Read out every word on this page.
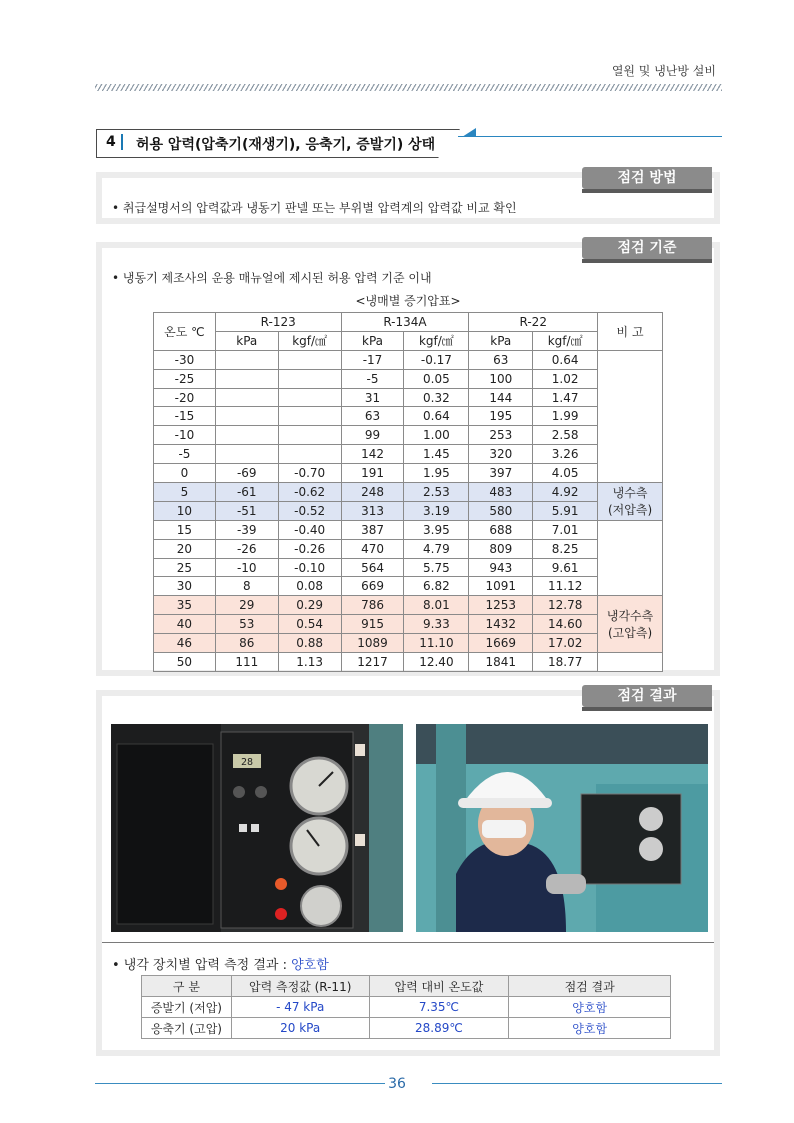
열원 및 냉난방 설비
4 허용 압력(압축기(재생기), 응축기, 증발기) 상태
점검 방법
• 취급설명서의 압력값과 냉동기 판넬 또는 부위별 압력계의 압력값 비교 확인
점검 기준
• 냉동기 제조사의 운용 매뉴얼에 제시된 허용 압력 기준 이내
<냉매별 증기압표>
온도 ℃	R-123		R-134A		R-22		비 고
	kPa	kgf/㎠	kPa	kgf/㎠	kPa	kgf/㎠	
-30			-17	-0.17	63	0.64	
-25			-5	0.05	100	1.02	
-20			31	0.32	144	1.47	
-15			63	0.64	195	1.99	
-10			99	1.00	253	2.58	
-5			142	1.45	320	3.26	
0	-69	-0.70	191	1.95	397	4.05	
5	-61	-0.62	248	2.53	483	4.92	냉수측
(저압측)

10	-51	-0.52	313	3.19	580	5.91	
15	-39	-0.40	387	3.95	688	7.01	
20	-26	-0.26	470	4.79	809	8.25	
25	-10	-0.10	564	5.75	943	9.61	
30	8	0.08	669	6.82	1091	11.12	
35	29	0.29	786	8.01	1253	12.78	냉각수측
(고압측)

40	53	0.54	915	9.33	1432	14.60	
46	86	0.88	1089	11.10	1669	17.02	
50	111	1.13	1217	12.40	1841	18.77	
점검 결과
28
• 냉각 장치별 압력 측정 결과 : 양호함
구 분	압력 측정값 (R-11)	압력 대비 온도값	점검 결과
증발기 (저압)	- 47 kPa	7.35℃	양호함
응축기 (고압)	20 kPa	28.89℃	양호함
36
